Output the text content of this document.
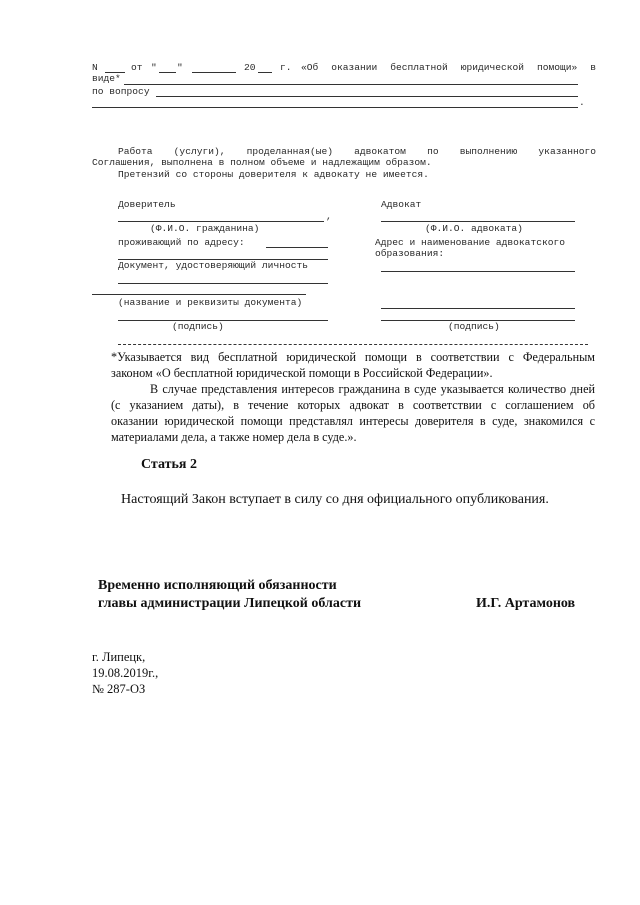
N	от " "	20	г. «Об оказании бесплатной юридической помощи» в
виде*
по вопросу
.
Работа (услуги), проделанная(ые) адвокатом по выполнению указанного
Соглашения, выполнена в полном объеме и надлежащим образом.
Претензий со стороны доверителя к адвокату не имеется.
Доверитель
,
(Ф.И.О. гражданина)
проживающий по адресу:
Документ, удостоверяющий личность
(название и реквизиты документа)
(подпись)
Адвокат
(Ф.И.О. адвоката)
Адрес и наименование адвокатского
образования:
(подпись)
*Указывается вид бесплатной юридической помощи в соответствии с Федеральным
законом «О бесплатной юридической помощи в Российской Федерации».
В случае представления интересов гражданина в суде указывается количество дней
(с указанием даты), в течение которых адвокат в соответствии с соглашением об
оказании юридической помощи представлял интересы доверителя в суде, знакомился с
материалами дела, а также номер дела в суде.».
Статья 2
Настоящий Закон вступает в силу со дня официального опубликования.
Временно исполняющий обязанности
главы администрации Липецкой области	И.Г. Артамонов
г. Липецк,
19.08.2019г.,
№ 287-ОЗ
